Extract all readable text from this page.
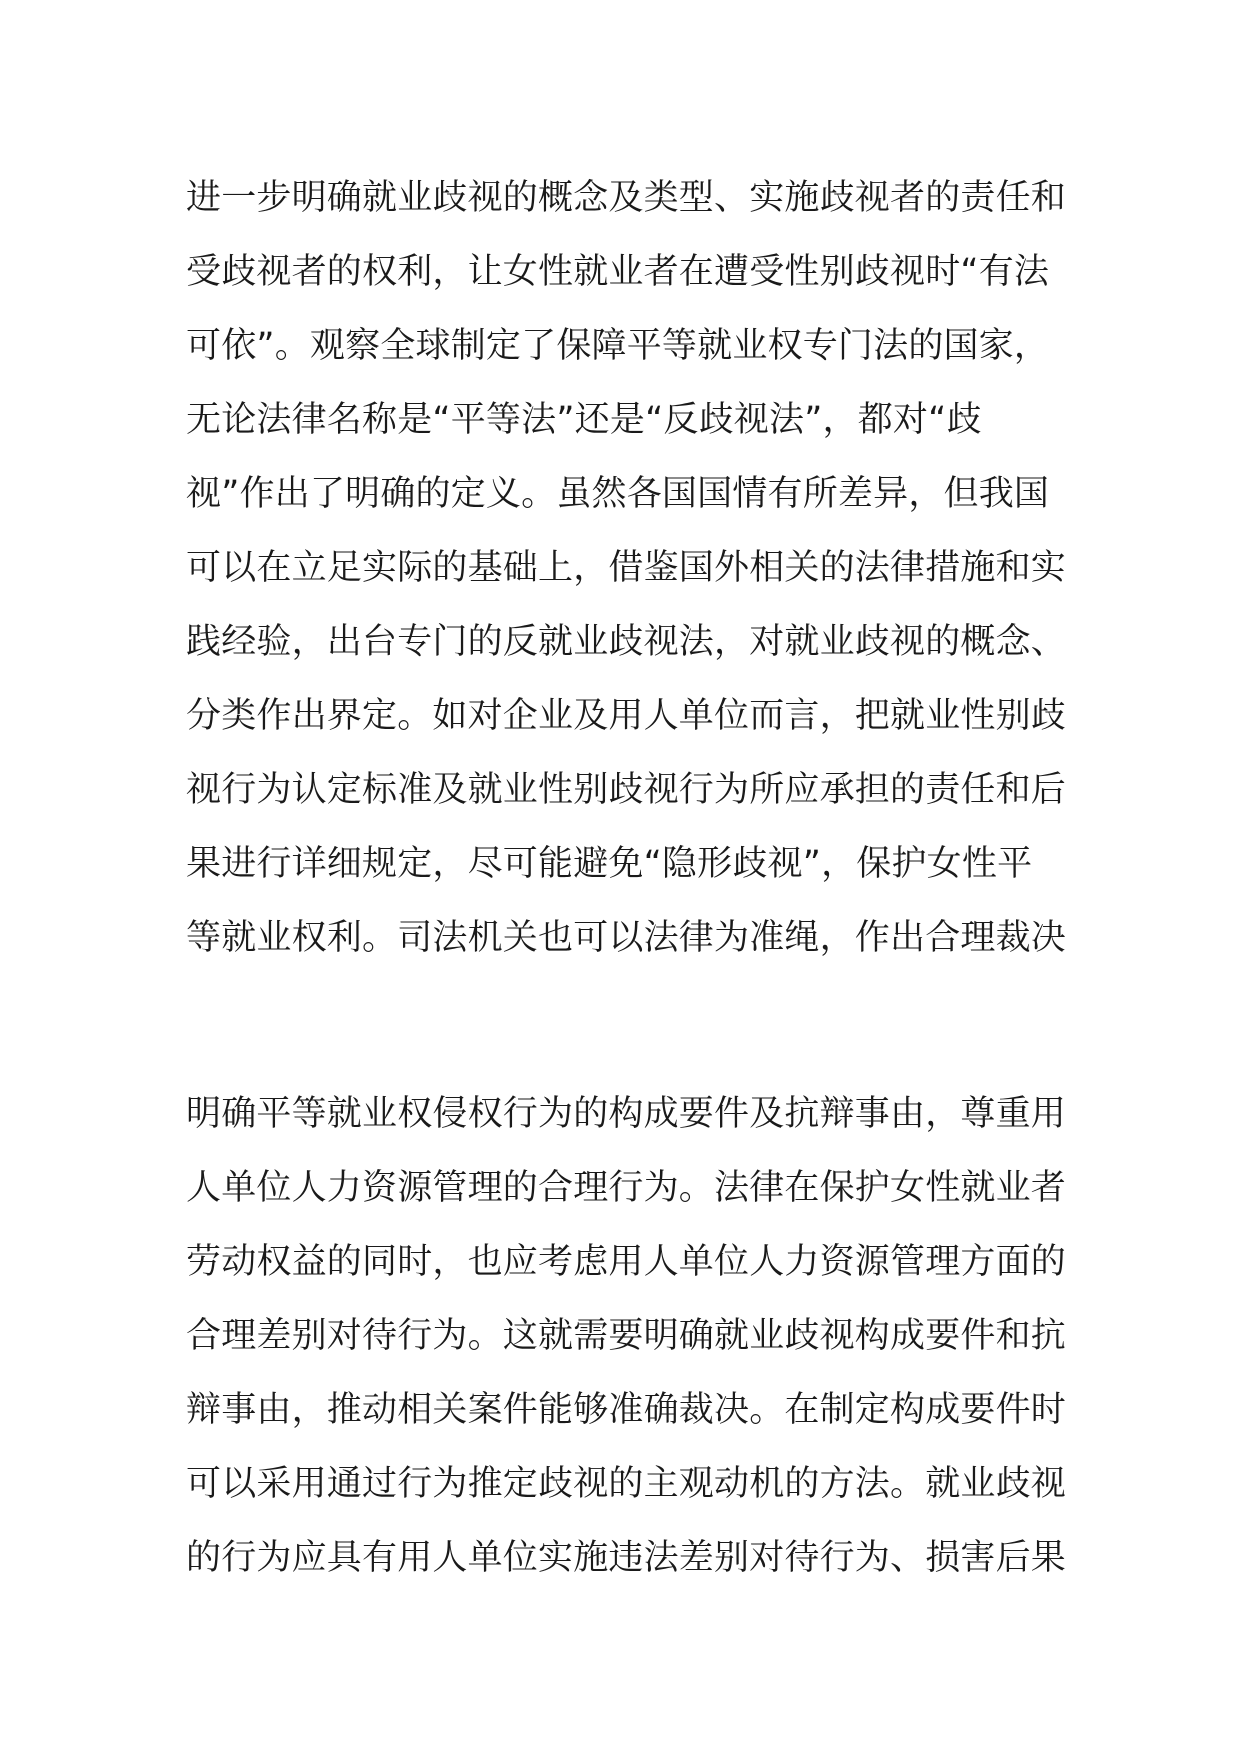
进一步明确就业歧视的概念及类型、实施歧视者的责任和
受歧视者的权利，让女性就业者在遭受性别歧视时“有法
可依”。观察全球制定了保障平等就业权专门法的国家，
无论法律名称是“平等法”还是“反歧视法”，都对“歧
视”作出了明确的定义。虽然各国国情有所差异，但我国
可以在立足实际的基础上，借鉴国外相关的法律措施和实
践经验，出台专门的反就业歧视法，对就业歧视的概念、
分类作出界定。如对企业及用人单位而言，把就业性别歧
视行为认定标准及就业性别歧视行为所应承担的责任和后
果进行详细规定，尽可能避免“隐形歧视”，保护女性平
等就业权利。司法机关也可以法律为准绳，作出合理裁决
明确平等就业权侵权行为的构成要件及抗辩事由，尊重用
人单位人力资源管理的合理行为。法律在保护女性就业者
劳动权益的同时，也应考虑用人单位人力资源管理方面的
合理差别对待行为。这就需要明确就业歧视构成要件和抗
辩事由，推动相关案件能够准确裁决。在制定构成要件时
可以采用通过行为推定歧视的主观动机的方法。就业歧视
的行为应具有用人单位实施违法差别对待行为、损害后果
